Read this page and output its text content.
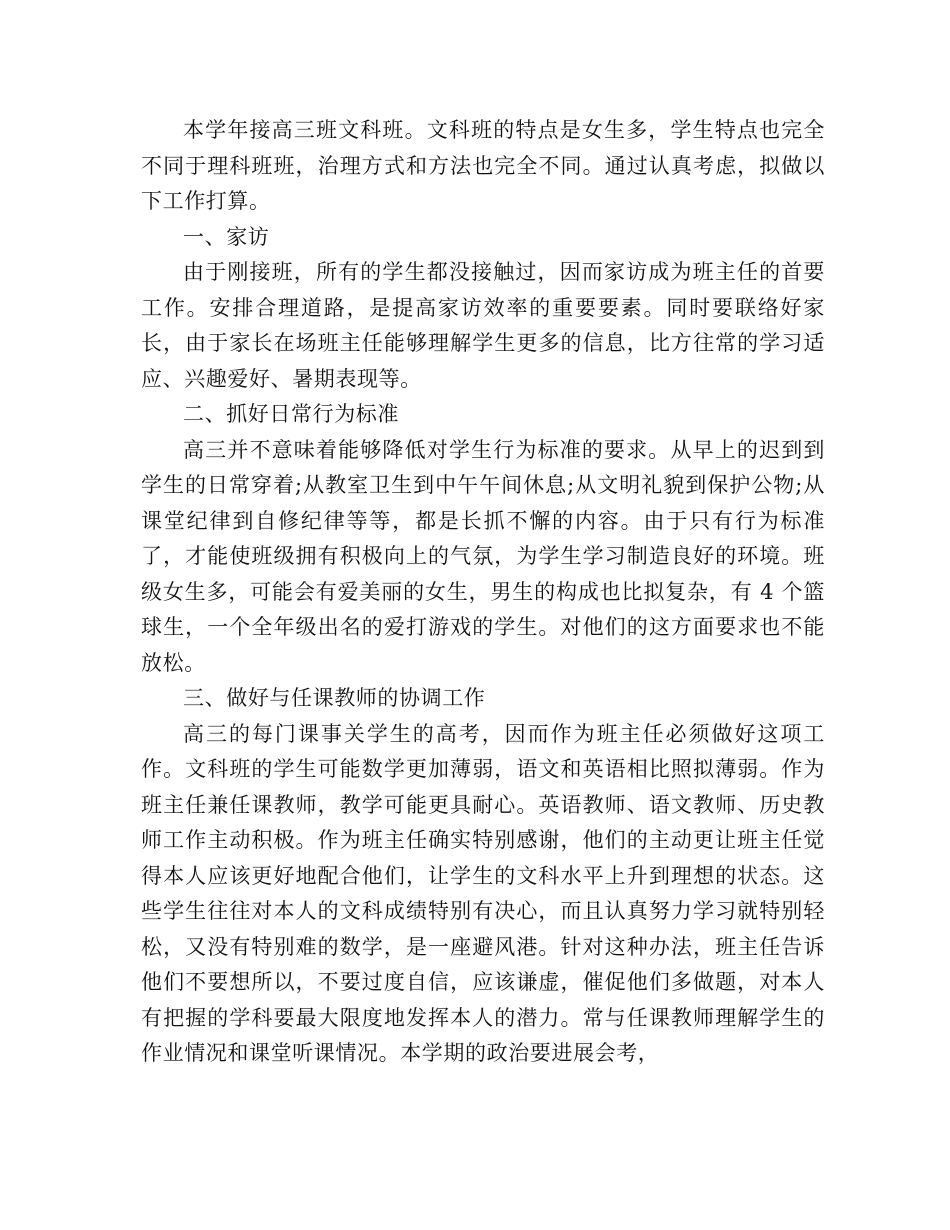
本学年接高三班文科班。文科班的特点是女生多，学生特点也完全不同于理科班班，治理方式和方法也完全不同。通过认真考虑，拟做以下工作打算。

一、家访

由于刚接班，所有的学生都没接触过，因而家访成为班主任的首要工作。安排合理道路，是提高家访效率的重要要素。同时要联络好家长，由于家长在场班主任能够理解学生更多的信息，比方往常的学习适应、兴趣爱好、暑期表现等。

二、抓好日常行为标准

高三并不意味着能够降低对学生行为标准的要求。从早上的迟到到学生的日常穿着;从教室卫生到中午午间休息;从文明礼貌到保护公物;从课堂纪律到自修纪律等等，都是长抓不懈的内容。由于只有行为标准了，才能使班级拥有积极向上的气氛，为学生学习制造良好的环境。班级女生多，可能会有爱美丽的女生，男生的构成也比拟复杂，有 4 个篮球生，一个全年级出名的爱打游戏的学生。对他们的这方面要求也不能放松。

三、做好与任课教师的协调工作

高三的每门课事关学生的高考，因而作为班主任必须做好这项工作。文科班的学生可能数学更加薄弱，语文和英语相比照拟薄弱。作为班主任兼任课教师，教学可能更具耐心。英语教师、语文教师、历史教师工作主动积极。作为班主任确实特别感谢，他们的主动更让班主任觉得本人应该更好地配合他们，让学生的文科水平上升到理想的状态。这些学生往往对本人的文科成绩特别有决心，而且认真努力学习就特别轻松，又没有特别难的数学，是一座避风港。针对这种办法，班主任告诉他们不要想所以，不要过度自信，应该谦虚，催促他们多做题，对本人有把握的学科要最大限度地发挥本人的潜力。常与任课教师理解学生的作业情况和课堂听课情况。本学期的政治要进展会考，
